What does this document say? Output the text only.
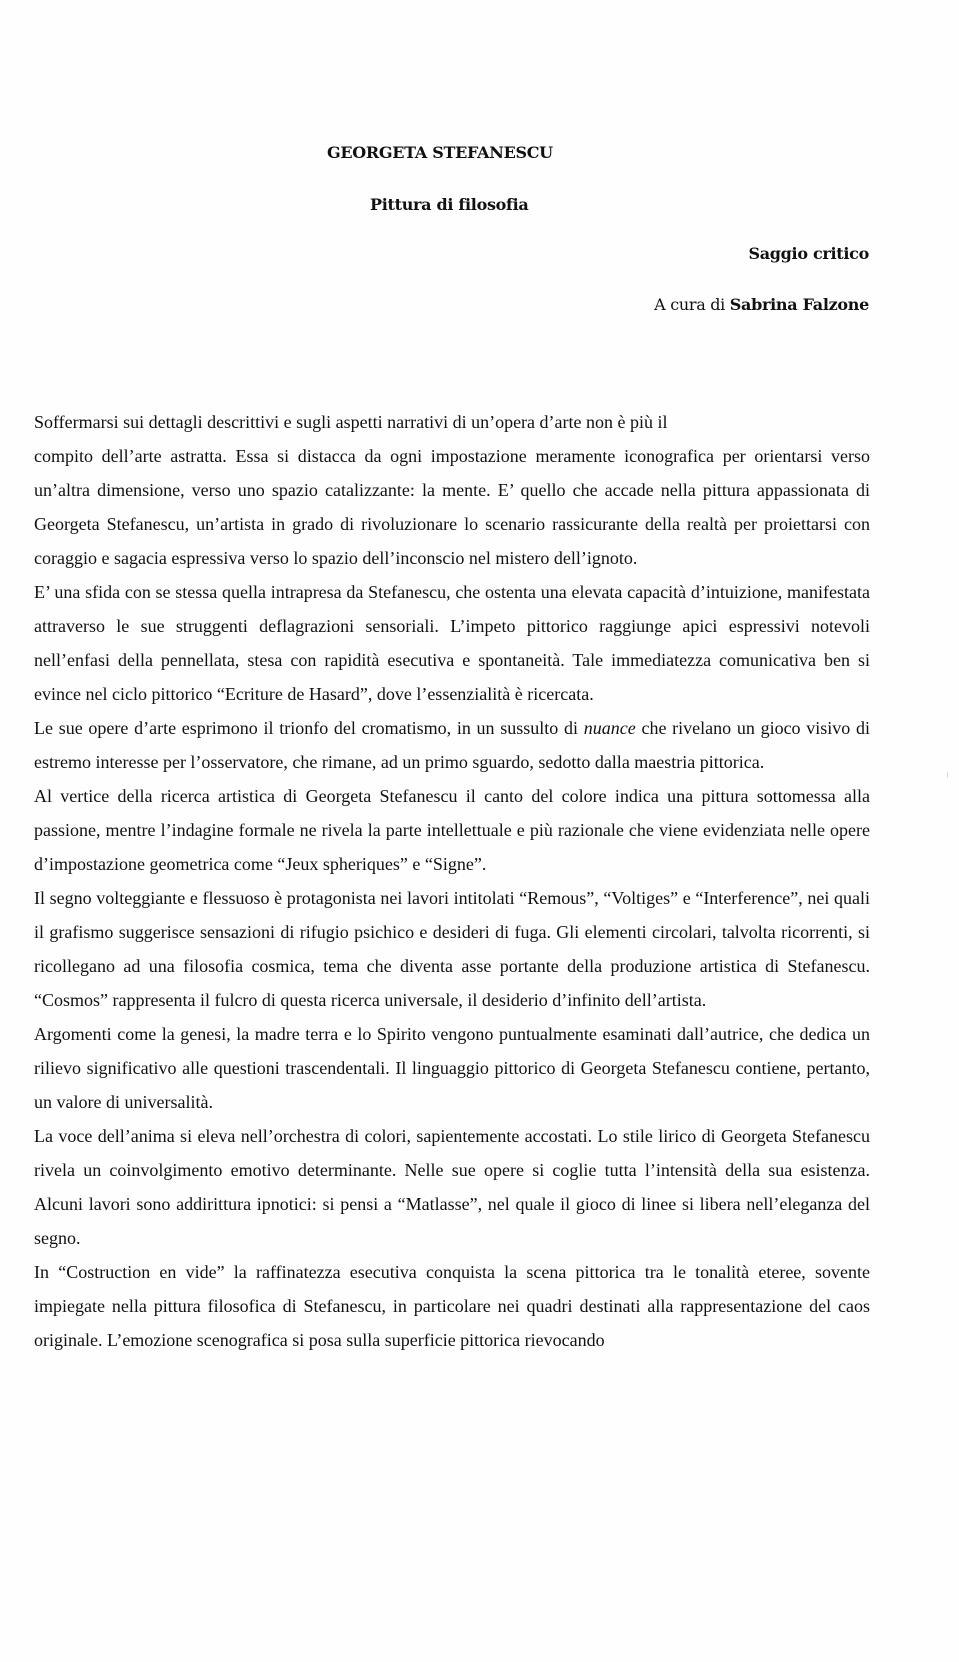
GEORGETA STEFANESCU
Pittura di filosofia
Saggio critico
A cura di Sabrina Falzone

Soffermarsi sui dettagli descrittivi e sugli aspetti narrativi di un’opera d’arte non è più il

compito dell’arte astratta. Essa si distacca da ogni impostazione meramente iconografica per orientarsi verso un’altra dimensione, verso uno spazio catalizzante: la mente. E’ quello che accade nella pittura appassionata di Georgeta Stefanescu, un’artista in grado di rivoluzionare lo scenario rassicurante della realtà per proiettarsi con coraggio e sagacia espressiva verso lo spazio dell’inconscio nel mistero dell’ignoto.

E’ una sfida con se stessa quella intrapresa da Stefanescu, che ostenta una elevata capacità d’intuizione, manifestata attraverso le sue struggenti deflagrazioni sensoriali. L’impeto pittorico raggiunge apici espressivi notevoli nell’enfasi della pennellata, stesa con rapidità esecutiva e spontaneità. Tale immediatezza comunicativa ben si evince nel ciclo pittorico “Ecriture de Hasard”, dove l’essenzialità è ricercata.

Le sue opere d’arte esprimono il trionfo del cromatismo, in un sussulto di nuance che rivelano un gioco visivo di estremo interesse per l’osservatore, che rimane, ad un primo sguardo, sedotto dalla maestria pittorica.

Al vertice della ricerca artistica di Georgeta Stefanescu il canto del colore indica una pittura sottomessa alla passione, mentre l’indagine formale ne rivela la parte intellettuale e più razionale che viene evidenziata nelle opere d’impostazione geometrica come “Jeux spheriques” e “Signe”.

Il segno volteggiante e flessuoso è protagonista nei lavori intitolati “Remous”, “Voltiges” e “Interference”, nei quali il grafismo suggerisce sensazioni di rifugio psichico e desideri di fuga. Gli elementi circolari, talvolta ricorrenti, si ricollegano ad una filosofia cosmica, tema che diventa asse portante della produzione artistica di Stefanescu. “Cosmos” rappresenta il fulcro di questa ricerca universale, il desiderio d’infinito dell’artista.

Argomenti come la genesi, la madre terra e lo Spirito vengono puntualmente esaminati dall’autrice, che dedica un rilievo significativo alle questioni trascendentali. Il linguaggio pittorico di Georgeta Stefanescu contiene, pertanto, un valore di universalità.

La voce dell’anima si eleva nell’orchestra di colori, sapientemente accostati. Lo stile lirico di Georgeta Stefanescu rivela un coinvolgimento emotivo determinante. Nelle sue opere si coglie tutta l’intensità della sua esistenza. Alcuni lavori sono addirittura ipnotici: si pensi a “Matlasse”, nel quale il gioco di linee si libera nell’eleganza del segno.

In “Costruction en vide” la raffinatezza esecutiva conquista la scena pittorica tra le tonalità eteree, sovente impiegate nella pittura filosofica di Stefanescu, in particolare nei quadri destinati alla rappresentazione del caos originale. L’emozione scenografica si posa sulla superficie pittorica rievocando
